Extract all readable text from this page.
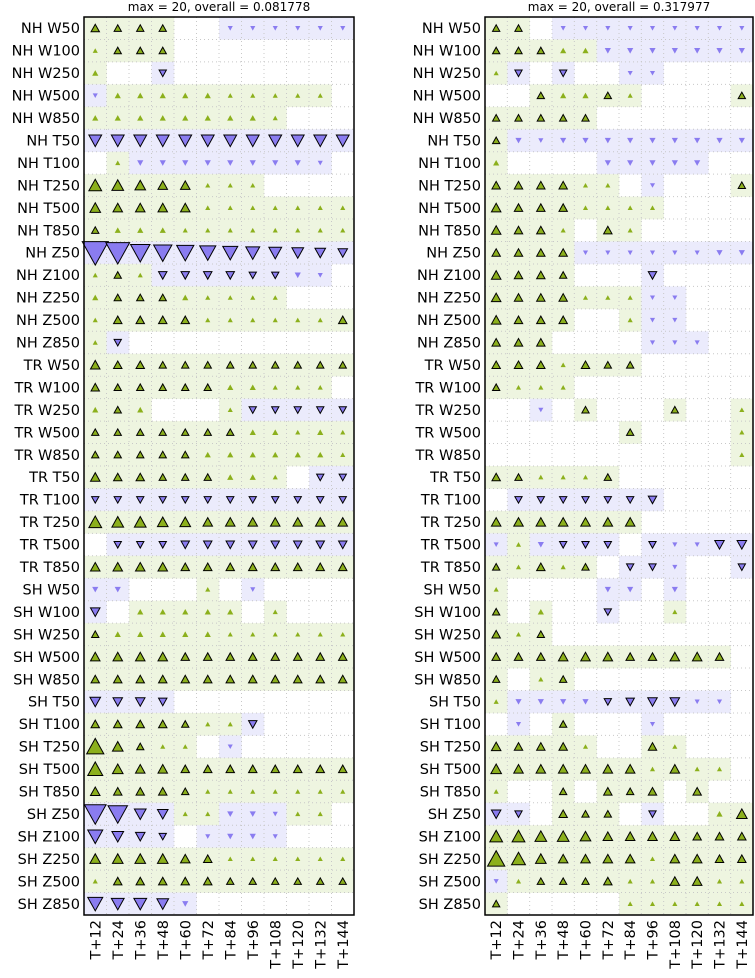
max = 20, overall = 0.081778
NH W50
NH W100
NH W250
NH W500
NH W850
NH T50
NH T100
NH T250
NH T500
NH T850
NH Z50
NH Z100
NH Z250
NH Z500
NH Z850
TR W50
TR W100
TR W250
TR W500
TR W850
TR T50
TR T100
TR T250
TR T500
TR T850
SH W50
SH W100
SH W250
SH W500
SH W850
SH T50
SH T100
SH T250
SH T500
SH T850
SH Z50
SH Z100
SH Z250
SH Z500
SH Z850
T+12 T+24 T+36 T+48 T+60 T+72 T+84 T+96 T+108 T+120 T+132 T+144
max = 20, overall = 0.317977
NH W50
NH W100
NH W250
NH W500
NH W850
NH T50
NH T100
NH T250
NH T500
NH T850
NH Z50
NH Z100
NH Z250
NH Z500
NH Z850
TR W50
TR W100
TR W250
TR W500
TR W850
TR T50
TR T100
TR T250
TR T500
TR T850
SH W50
SH W100
SH W250
SH W500
SH W850
SH T50
SH T100
SH T250
SH T500
SH T850
SH Z50
SH Z100
SH Z250
SH Z500
SH Z850
T+12 T+24 T+36 T+48 T+60 T+72 T+84 T+96 T+108 T+120 T+132 T+144
